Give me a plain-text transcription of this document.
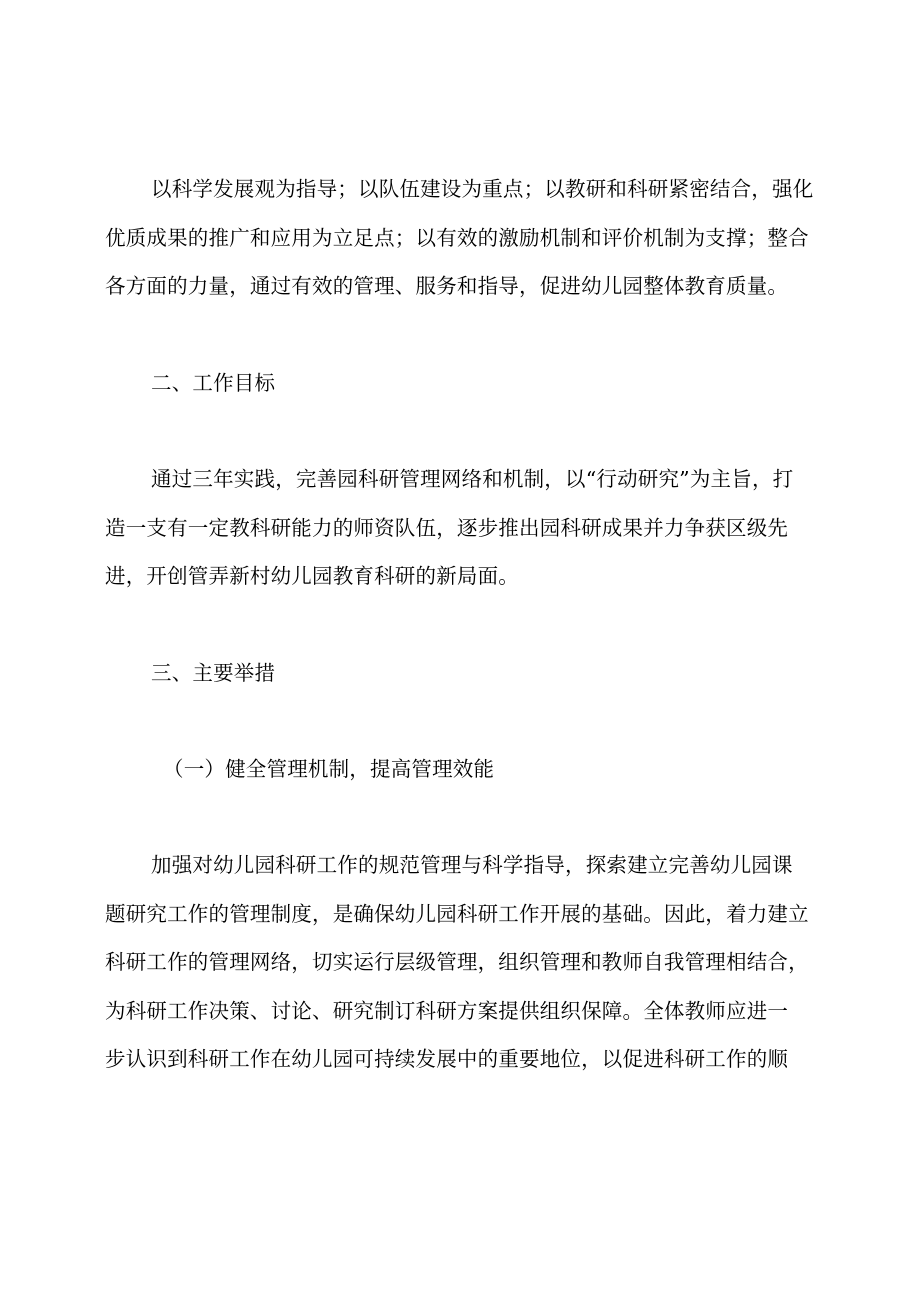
以科学发展观为指导；以队伍建设为重点；以教研和科研紧密结合，强化
优质成果的推广和应用为立足点；以有效的激励机制和评价机制为支撑；整合
各方面的力量，通过有效的管理、服务和指导，促进幼儿园整体教育质量。
二、工作目标
通过三年实践，完善园科研管理网络和机制，以“行动研究”为主旨，打
造一支有一定教科研能力的师资队伍，逐步推出园科研成果并力争获区级先
进，开创管弄新村幼儿园教育科研的新局面。
三、主要举措
（一）健全管理机制，提高管理效能
加强对幼儿园科研工作的规范管理与科学指导，探索建立完善幼儿园课
题研究工作的管理制度，是确保幼儿园科研工作开展的基础。因此，着力建立
科研工作的管理网络，切实运行层级管理，组织管理和教师自我管理相结合，
为科研工作决策、讨论、研究制订科研方案提供组织保障。全体教师应进一
步认识到科研工作在幼儿园可持续发展中的重要地位，以促进科研工作的顺
